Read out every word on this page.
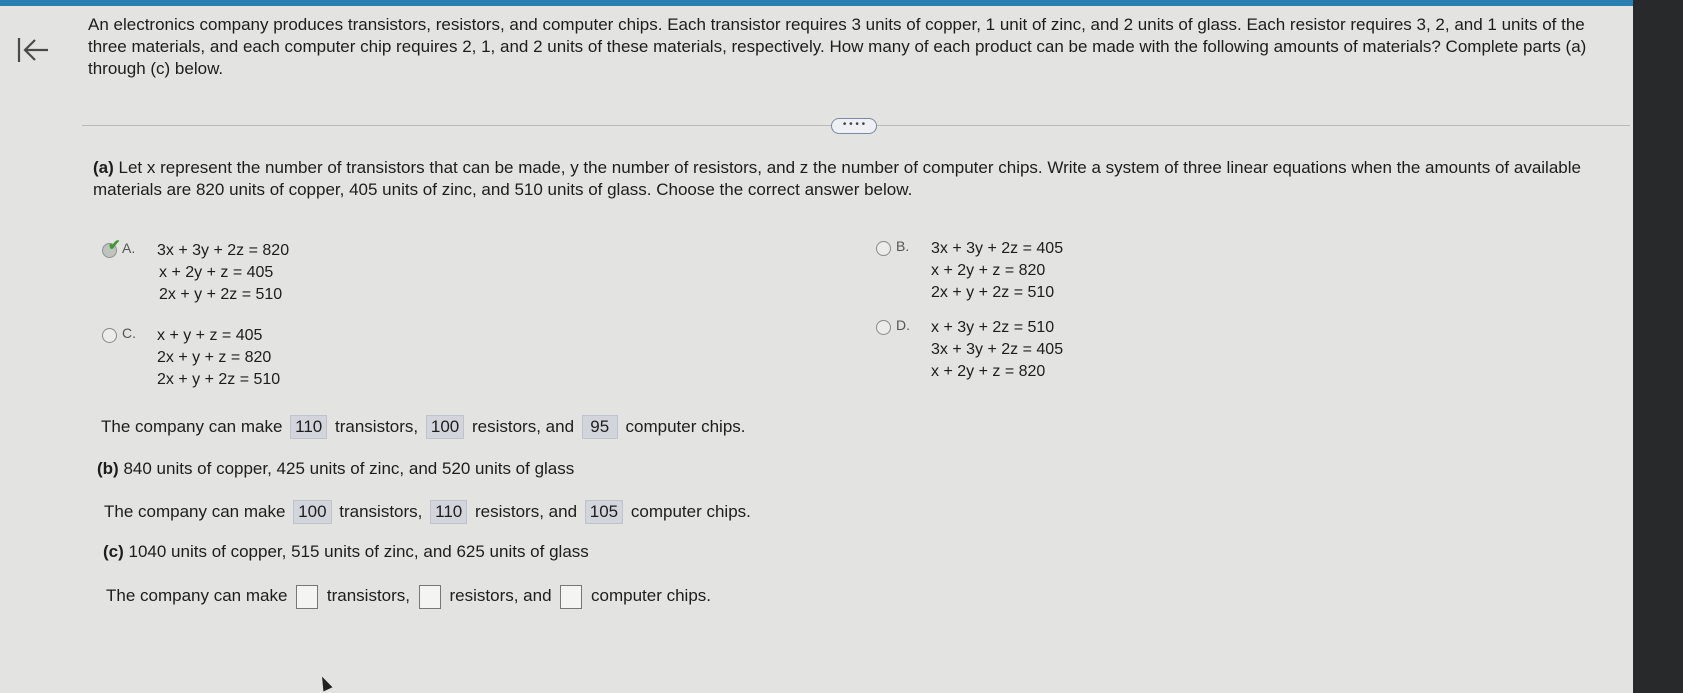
An electronics company produces transistors, resistors, and computer chips. Each transistor requires 3 units of copper, 1 unit of zinc, and 2 units of glass. Each resistor requires 3, 2, and 1 units of the three materials, and each computer chip requires 2, 1, and 2 units of these materials, respectively. How many of each product can be made with the following amounts of materials? Complete parts (a) through (c) below.
• • • •
(a) Let x represent the number of transistors that can be made, y the number of resistors, and z the number of computer chips. Write a system of three linear equations when the amounts of available materials are 820 units of copper, 405 units of zinc, and 510 units of glass. Choose the correct answer below.
✔ A. 3x + 3y + 2z = 820
x + 2y + z = 405
2x + y + 2z = 510
B. 3x + 3y + 2z = 405
x + 2y + z = 820
2x + y + 2z = 510
C. x + y + z = 405
2x + y + z = 820
2x + y + 2z = 510
D. x + 3y + 2z = 510
3x + 3y + 2z = 405
x + 2y + z = 820
The company can make 110 transistors, 100 resistors, and 95 computer chips.
(b) 840 units of copper, 425 units of zinc, and 520 units of glass
The company can make 100 transistors, 110 resistors, and 105 computer chips.
(c) 1040 units of copper, 515 units of zinc, and 625 units of glass
The company can make transistors, resistors, and computer chips.
